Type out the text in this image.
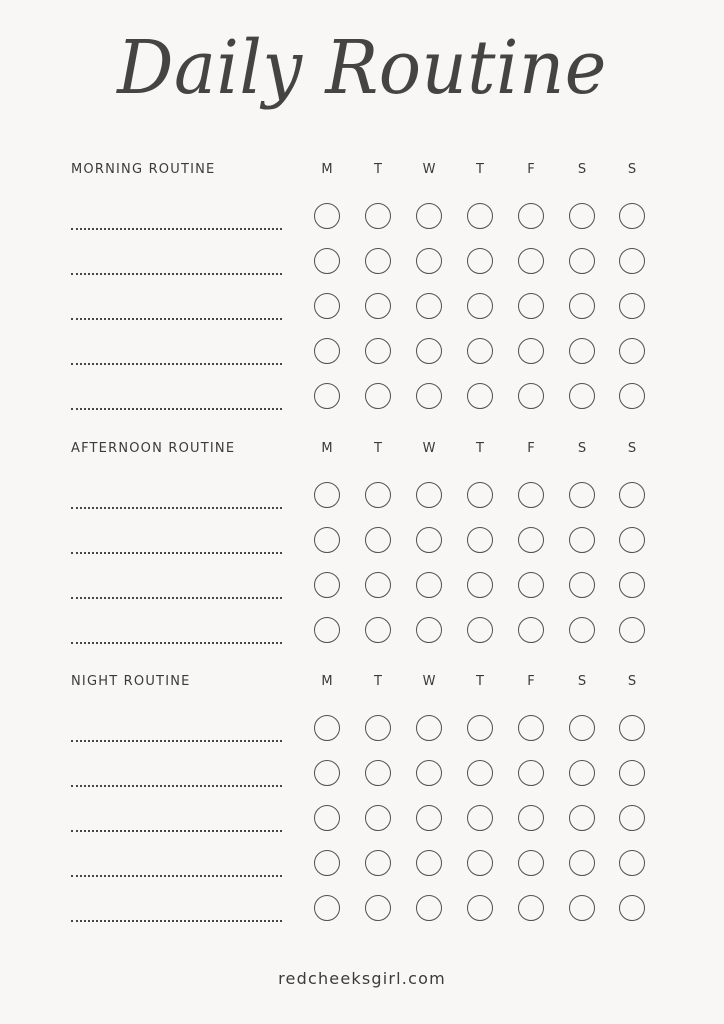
Daily Routine
MORNING ROUTINE	M	T	W	T	F	S	S
AFTERNOON ROUTINE	M	T	W	T	F	S	S
NIGHT ROUTINE	M	T	W	T	F	S	S
redcheeksgirl.com
